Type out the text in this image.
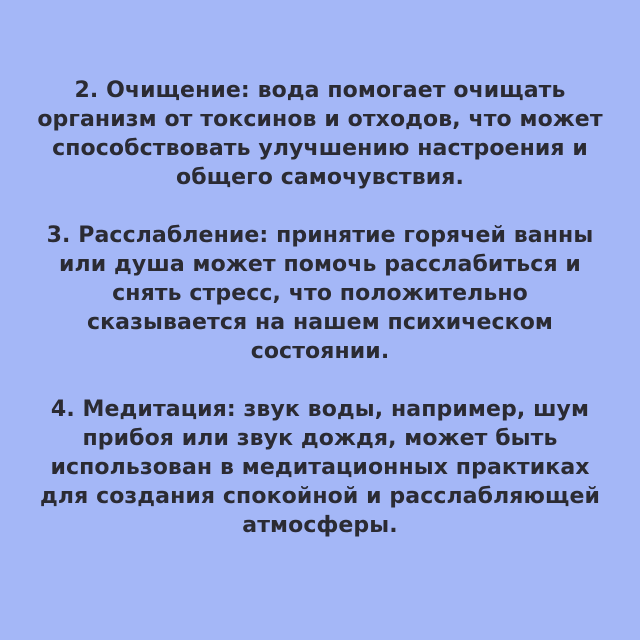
2. Очищение: вода помогает очищать
организм от токсинов и отходов, что может
способствовать улучшению настроения и
общего самочувствия.

3. Расслабление: принятие горячей ванны
или душа может помочь расслабиться и
снять стресс, что положительно
сказывается на нашем психическом
состоянии.

4. Медитация: звук воды, например, шум
прибоя или звук дождя, может быть
использован в медитационных практиках
для создания спокойной и расслабляющей
атмосферы.
